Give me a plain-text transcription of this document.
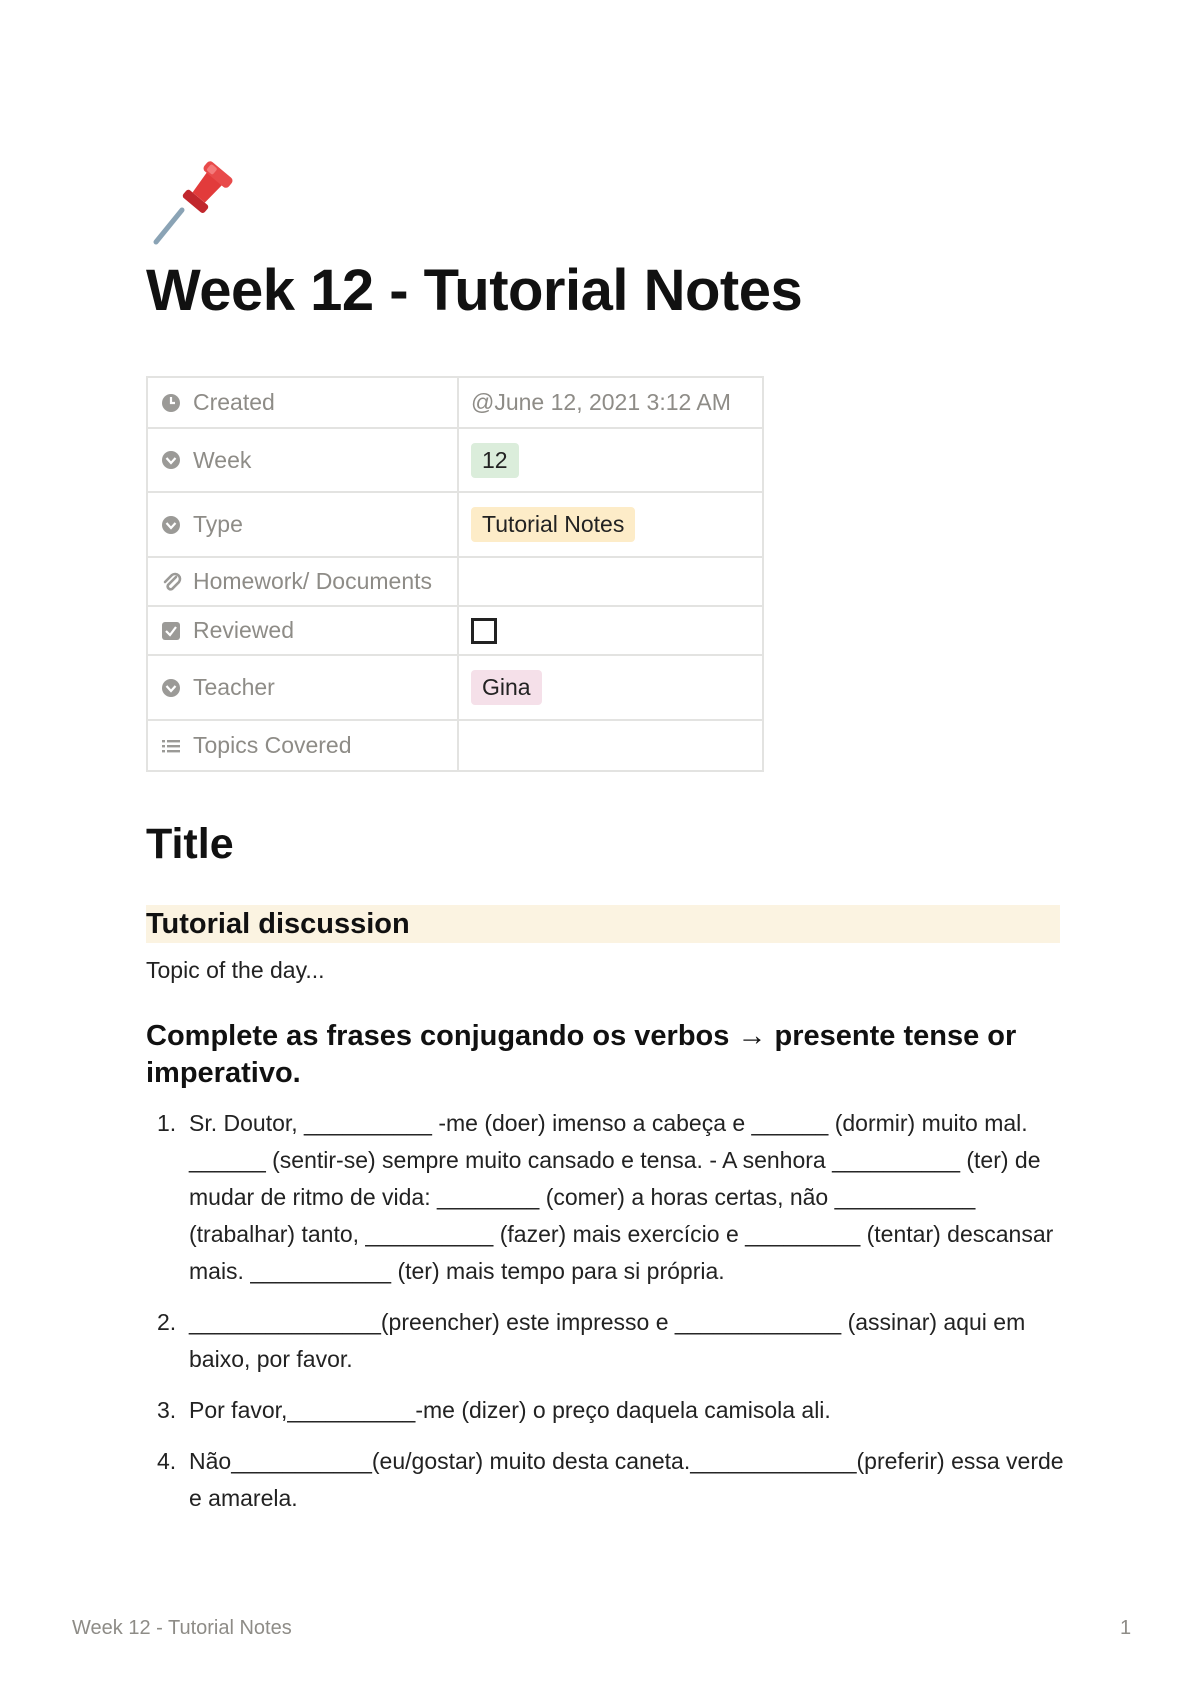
Week 12 - Tutorial Notes
Created	@June 12, 2021 3:12 AM

Week	12

Type	Tutorial Notes

Homework/ Documents	

Reviewed	

Teacher	Gina

Topics Covered	

Title
Tutorial discussion
Topic of the day...
Complete as frases conjugando os verbos → presente tense or imperativo.
1. Sr. Doutor, __________ -me (doer) imenso a cabeça e ______ (dormir) muito mal. ______ (sentir-se) sempre muito cansado e tensa. - A senhora __________ (ter) de mudar de ritmo de vida: ________ (comer) a horas certas, não ___________ (trabalhar) tanto, __________ (fazer) mais exercício e _________ (tentar) descansar mais. ___________ (ter) mais tempo para si própria.
2. _______________(preencher) este impresso e _____________ (assinar) aqui em baixo, por favor.
3. Por favor,__________-me (dizer) o preço daquela camisola ali.
4. Não___________(eu/gostar) muito desta caneta._____________(preferir) essa verde e amarela.
Week 12 - Tutorial Notes	1
